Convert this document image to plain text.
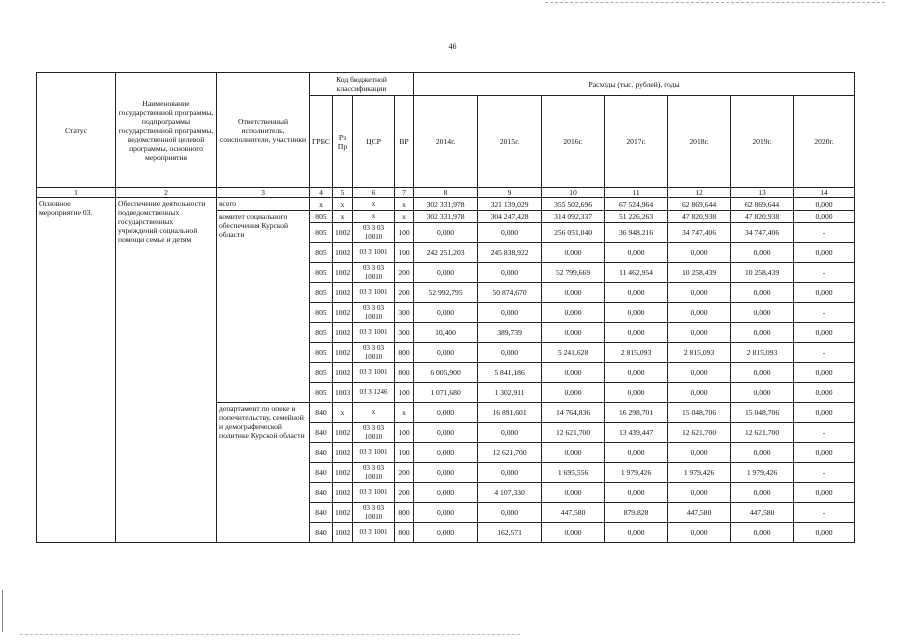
46
Статус	Наименование государственной программы, подпрограммы государственной программы, ведомственной целевой программы, основного мероприятия	Ответственный исполнитель, соисполнители, участники	Код бюджетной классификации				Расходы (тыс. рублей), годы						
			ГРБС	Рз Пр	ЦСР	ВР	2014г.	2015г.	2016г.	2017г.	2018г.	2019г.	2020г.
1	2	3	4	5	6	7	8	9	10	11	12	13	14
Основное мероприятие 03.	Обеспечение деятельности подведомственных государственных учреждений социальной помощи семье и детям	всего	х	х	х	х	302 331,978	321 139,029	355 502,696	67 524,964	62 869,644	62 869,644	0,000
		комитет социального обеспечения Курской области	805	х	х	х	302 331,978	304 247,428	314 092,337	51 226,263	47 820,938	47 820,938	0,000
			805	1002	03 3 03 10010	100	0,000	0,000	256 051,040	36 948.216	34 747,406	34 747,406	-
			805	1002	03 3 1001	100	242 251,203	245 838,922	0,000	0,000	0,000	0,000	0,000
			805	1002	03 3 03 10010	200	0,000	0,000	52 799,669	11 462,954	10 258,439	10 258,439	-
			805	1002	03 3 1001	200	52 992,795	50 874,670	0,000	0,000	0,000	0,000	0,000
			805	1002	03 3 03 10010	300	0,000	0,000	0,000	0,000	0,000	0,000	-
			805	1002	03 3 1001	300	10,400	389,739	0,000	0,000	0,000	0,000	0,000
			805	1002	03 3 03 10010	800	0,000	0,000	5 241,628	2 815,093	2 815,093	2 815,093	-
			805	1002	03 3 1001	800	6 005,900	5 841,186	0,000	0,000	0,000	0,000	0,000
			805	1003	03 3 1246	100	1 071,680	1 302,911	0,000	0,000	0,000	0,000	0,000
		департамент по опеке и попечительству, семейной и демографической политике Курской области	840	х	х	х	0,000	16 891,601	14 764,836	16 298,701	15 048,706	15 048,706	0,000
			840	1002	03 3 03 10010	100	0,000	0,000	12 621,700	13 439,447	12 621,700	12 621,700	-
			840	1002	03 3 1001	100	0,000	12 621,700	0,000	0,000	0,000	0,000	0,000
			840	1002	03 3 03 10010	200	0,000	0,000	1 695,556	1 979,426	1 979,426	1 979,426	-
			840	1002	03 3 1001	200	0,000	4 107,330	0,000	0,000	0,000	0,000	0,000
			840	1002	03 3 03 10010	800	0,000	0,000	447,580	879,828	447,580	447,580	-
			840	1002	03 3 1001	800	0,000	162,571	0,000	0,000	0,000	0,000	0,000
